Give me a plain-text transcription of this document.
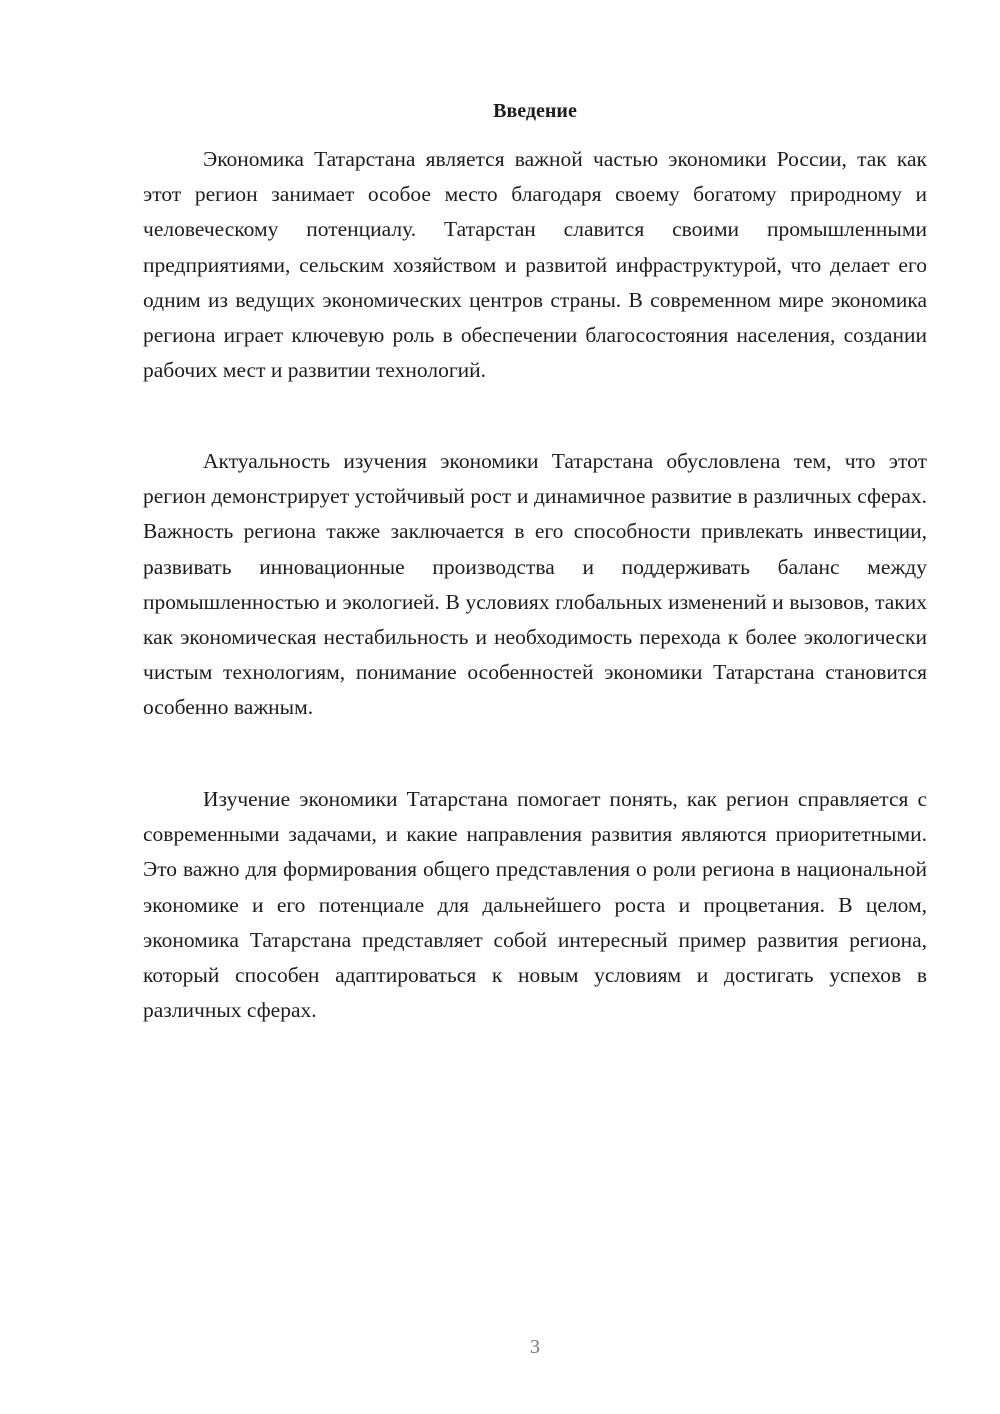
Введение

Экономика Татарстана является важной частью экономики России, так как этот регион занимает особое место благодаря своему богатому природному и человеческому потенциалу. Татарстан славится своими промышленными предприятиями, сельским хозяйством и развитой инфраструктурой, что делает его одним из ведущих экономических центров страны. В современном мире экономика региона играет ключевую роль в обеспечении благосостояния населения, создании рабочих мест и развитии технологий.

Актуальность изучения экономики Татарстана обусловлена тем, что этот регион демонстрирует устойчивый рост и динамичное развитие в различных сферах. Важность региона также заключается в его способности привлекать инвестиции, развивать инновационные производства и поддерживать баланс между промышленностью и экологией. В условиях глобальных изменений и вызовов, таких как экономическая нестабильность и необходимость перехода к более экологически чистым технологиям, понимание особенностей экономики Татарстана становится особенно важным.

Изучение экономики Татарстана помогает понять, как регион справляется с современными задачами, и какие направления развития являются приоритетными. Это важно для формирования общего представления о роли региона в национальной экономике и его потенциале для дальнейшего роста и процветания. В целом, экономика Татарстана представляет собой интересный пример развития региона, который способен адаптироваться к новым условиям и достигать успехов в различных сферах.

3
